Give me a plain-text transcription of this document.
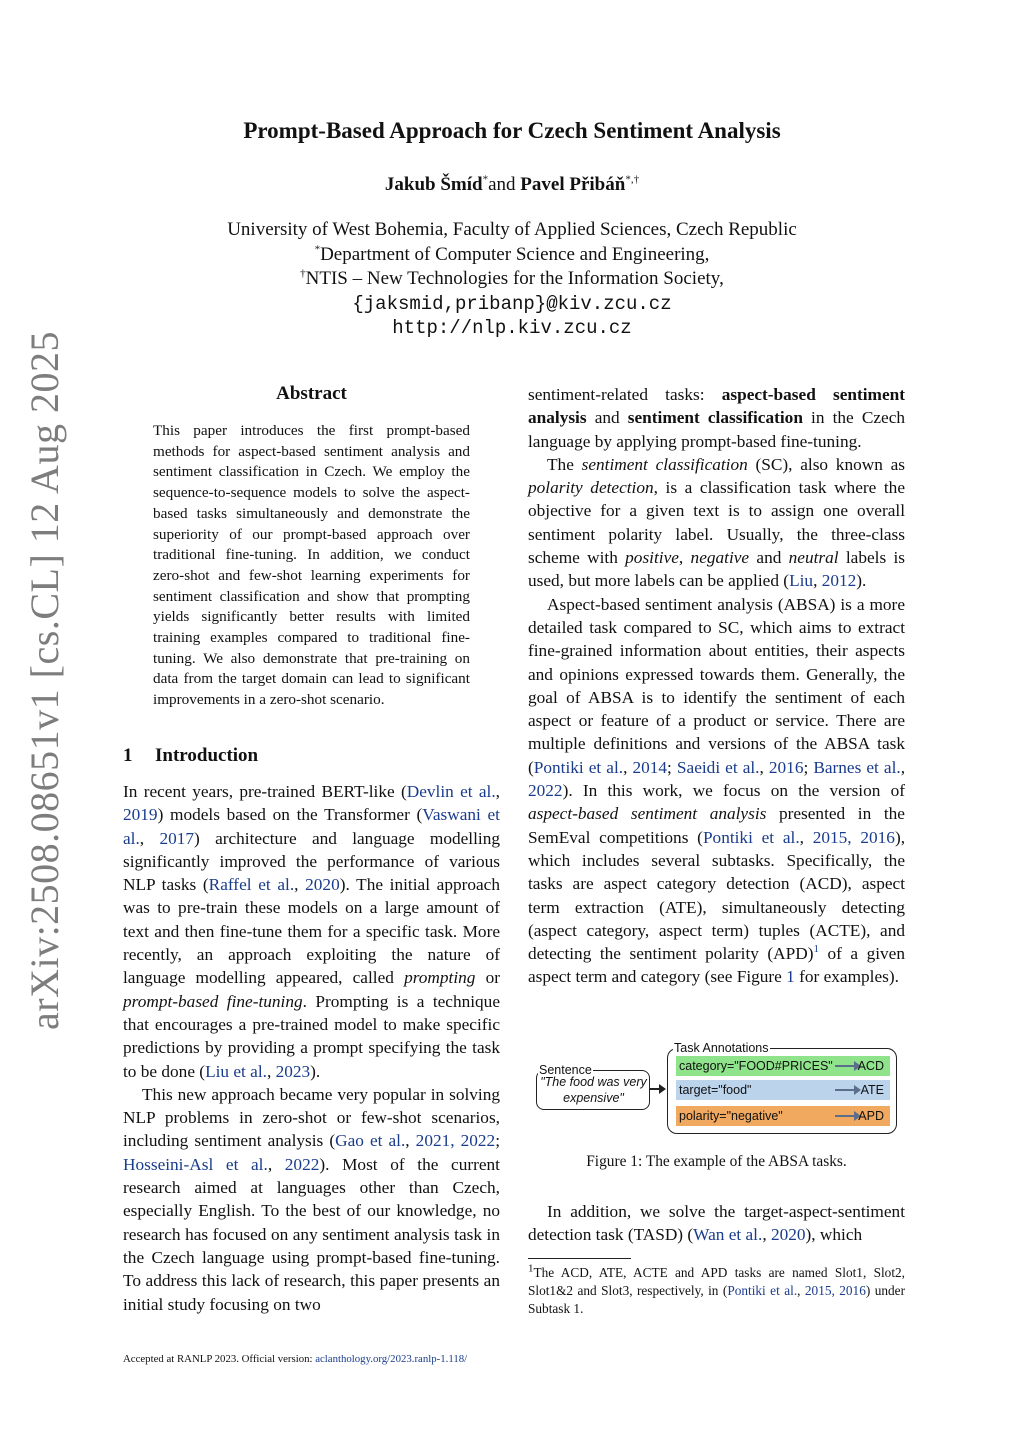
arXiv:2508.08651v1 [cs.CL] 12 Aug 2025
Prompt-Based Approach for Czech Sentiment Analysis
Jakub Šmíd*and Pavel Přibáň*,†
University of West Bohemia, Faculty of Applied Sciences, Czech Republic
*Department of Computer Science and Engineering,
†NTIS – New Technologies for the Information Society,
{jaksmid,pribanp}@kiv.zcu.cz
http://nlp.kiv.zcu.cz
Abstract
This paper introduces the first prompt-based methods for aspect-based sentiment analysis and sentiment classification in Czech. We employ the sequence-to-sequence models to solve the aspect-based tasks simultaneously and demonstrate the superiority of our prompt-based approach over traditional fine-tuning. In addition, we conduct zero-shot and few-shot learning experiments for sentiment classification and show that prompting yields significantly better results with limited training examples compared to traditional fine-tuning. We also demonstrate that pre-training on data from the target domain can lead to significant improvements in a zero-shot scenario.
1 Introduction

In recent years, pre-trained BERT-like (Devlin et al., 2019) models based on the Transformer (Vaswani et al., 2017) architecture and language modelling significantly improved the performance of various NLP tasks (Raffel et al., 2020). The initial approach was to pre-train these models on a large amount of text and then fine-tune them for a specific task. More recently, an approach exploiting the nature of language modelling appeared, called prompting or prompt-based fine-tuning. Prompting is a technique that encourages a pre-trained model to make specific predictions by providing a prompt specifying the task to be done (Liu et al., 2023).

This new approach became very popular in solving NLP problems in zero-shot or few-shot scenarios, including sentiment analysis (Gao et al., 2021, 2022; Hosseini-Asl et al., 2022). Most of the current research aimed at languages other than Czech, especially English. To the best of our knowledge, no research has focused on any sentiment analysis task in the Czech language using prompt-based fine-tuning. To address this lack of research, this paper presents an initial study focusing on two

sentiment-related tasks: aspect-based sentiment analysis and sentiment classification in the Czech language by applying prompt-based fine-tuning.

The sentiment classification (SC), also known as polarity detection, is a classification task where the objective for a given text is to assign one overall sentiment polarity label. Usually, the three-class scheme with positive, negative and neutral labels is used, but more labels can be applied (Liu, 2012).

Aspect-based sentiment analysis (ABSA) is a more detailed task compared to SC, which aims to extract fine-grained information about entities, their aspects and opinions expressed towards them. Generally, the goal of ABSA is to identify the sentiment of each aspect or feature of a product or service. There are multiple definitions and versions of the ABSA task (Pontiki et al., 2014; Saeidi et al., 2016; Barnes et al., 2022). In this work, we focus on the version of aspect-based sentiment analysis presented in the SemEval competitions (Pontiki et al., 2015, 2016), which includes several subtasks. Specifically, the tasks are aspect category detection (ACD), aspect term extraction (ATE), simultaneously detecting (aspect category, aspect term) tuples (ACTE), and detecting the sentiment polarity (APD)$^1$ of a given aspect term and category (see Figure 1 for examples).

Sentence
"The food was very expensive"
Task Annotations
category="FOOD#PRICES" ACD
target="food"	ATE
polarity="negative"	APD
Figure 1: The example of the ABSA tasks.

In addition, we solve the target-aspect-sentiment detection task (TASD) (Wan et al., 2020), which

$^1$The ACD, ATE, ACTE and APD tasks are named Slot1, Slot2, Slot1&2 and Slot3, respectively, in (Pontiki et al., 2015, 2016) under Subtask 1.
Accepted at RANLP 2023. Official version: aclanthology.org/2023.ranlp-1.118/
